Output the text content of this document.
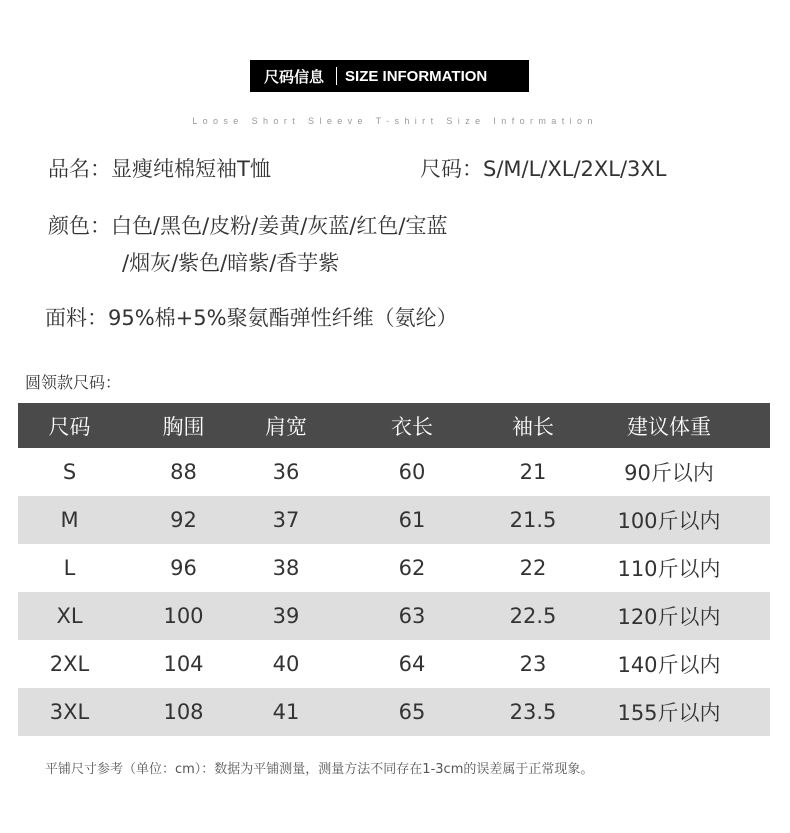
尺码信息 SIZE INFORMATION
Loose Short Sleeve T-shirt Size Information
品名：显瘦纯棉短袖T恤	尺码：S/M/L/XL/2XL/3XL
颜色：白色/黑色/皮粉/姜黄/灰蓝/红色/宝蓝
/烟灰/紫色/暗紫/香芋紫
面料：95%棉+5%聚氨酯弹性纤维（氨纶）
圆领款尺码：
尺码	胸围	肩宽	衣长	袖长	建议体重
S	88	36	60	21	90斤以内
M	92	37	61	21.5	100斤以内
L	96	38	62	22	110斤以内
XL	100	39	63	22.5	120斤以内
2XL	104	40	64	23	140斤以内
3XL	108	41	65	23.5	155斤以内
平铺尺寸参考（单位：cm）：数据为平铺测量，测量方法不同存在1-3cm的误差属于正常现象。
